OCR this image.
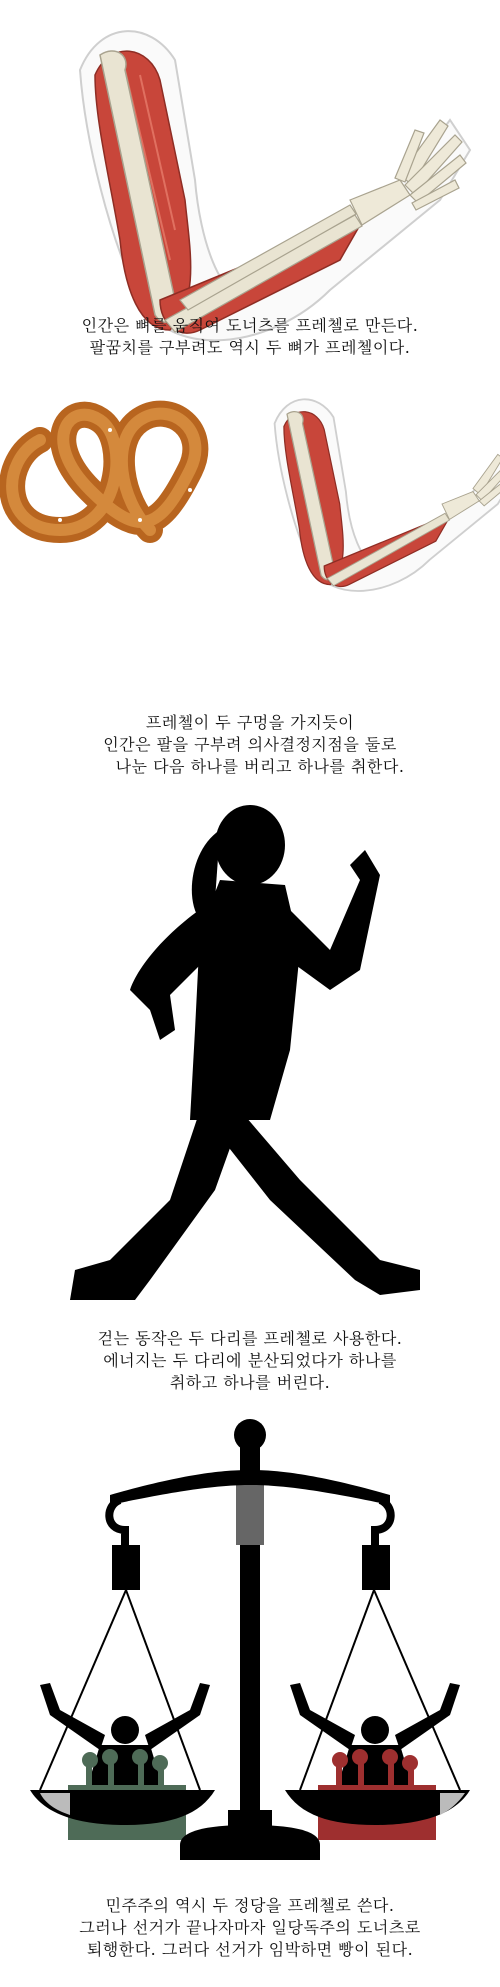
인간은 뼈를 움직여 도너츠를 프레첼로 만든다.
팔꿈치를 구부려도 역시 두 뼈가 프레첼이다.
프레첼이 두 구멍을 가지듯이
인간은 팔을 구부려 의사결정지점을 둘로
나눈 다음 하나를 버리고 하나를 취한다.
걷는 동작은 두 다리를 프레첼로 사용한다.
에너지는 두 다리에 분산되었다가 하나를
취하고 하나를 버린다.
민주주의 역시 두 정당을 프레첼로 쓴다.
그러나 선거가 끝나자마자 일당독주의 도너츠로
퇴행한다. 그러다 선거가 임박하면 빵이 된다.
